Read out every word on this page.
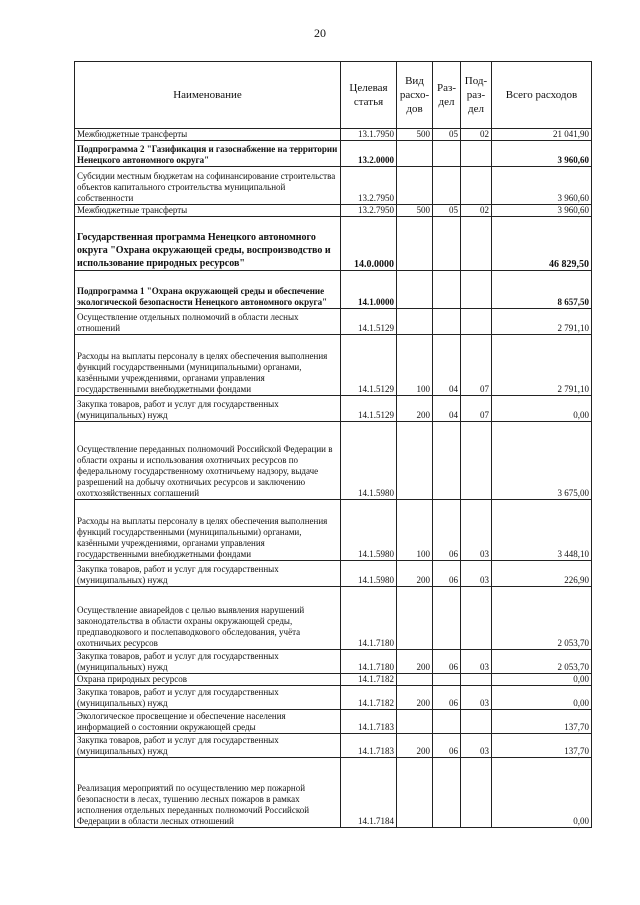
20
Наименование	Целевая статья	Вид расхо-дов	Раз-дел	Под-раз-дел	Всего расходов
Межбюджетные трансферты	13.1.7950	500	05	02	21 041,90
Подпрограмма 2 "Газификация и газоснабжение на территории Ненецкого автономного округа"	13.2.0000				3 960,60
Субсидии местным бюджетам на софинансирование строительства объектов капитального строительства муниципальной собственности	13.2.7950				3 960,60
Межбюджетные трансферты	13.2.7950	500	05	02	3 960,60
Государственная программа Ненецкого автономного округа "Охрана окружающей среды, воспроизводство и использование природных ресурсов"	14.0.0000				46 829,50
Подпрограмма 1 "Охрана окружающей среды и обеспечение экологической безопасности Ненецкого автономного округа"	14.1.0000				8 657,50
Осуществление отдельных полномочий в области лесных отношений	14.1.5129				2 791,10
Расходы на выплаты персоналу в целях обеспечения выполнения функций государственными (муниципальными) органами, казёнными учреждениями, органами управления государственными внебюджетными фондами	14.1.5129	100	04	07	2 791,10
Закупка товаров, работ и услуг для государственных (муниципальных) нужд	14.1.5129	200	04	07	0,00
Осуществление переданных полномочий Российской Федерации в области охраны и использования охотничьих ресурсов по федеральному государственному охотничьему надзору, выдаче разрешений на добычу охотничьих ресурсов и заключению охотхозяйственных соглашений	14.1.5980				3 675,00
Расходы на выплаты персоналу в целях обеспечения выполнения функций государственными (муниципальными) органами, казёнными учреждениями, органами управления государственными внебюджетными фондами	14.1.5980	100	06	03	3 448,10
Закупка товаров, работ и услуг для государственных (муниципальных) нужд	14.1.5980	200	06	03	226,90
Осуществление авиарейдов с целью выявления нарушений законодательства в области охраны окружающей среды, предпаводкового и послепаводкового обследования, учёта охотничьих ресурсов	14.1.7180				2 053,70
Закупка товаров, работ и услуг для государственных (муниципальных) нужд	14.1.7180	200	06	03	2 053,70
Охрана природных ресурсов	14.1.7182				0,00
Закупка товаров, работ и услуг для государственных (муниципальных) нужд	14.1.7182	200	06	03	0,00
Экологическое просвещение и обеспечение населения информацией о состоянии окружающей среды	14.1.7183				137,70
Закупка товаров, работ и услуг для государственных (муниципальных) нужд	14.1.7183	200	06	03	137,70
Реализация мероприятий по осуществлению мер пожарной безопасности в лесах, тушению лесных пожаров в рамках исполнения отдельных переданных полномочий Российской Федерации в области лесных отношений	14.1.7184				0,00
